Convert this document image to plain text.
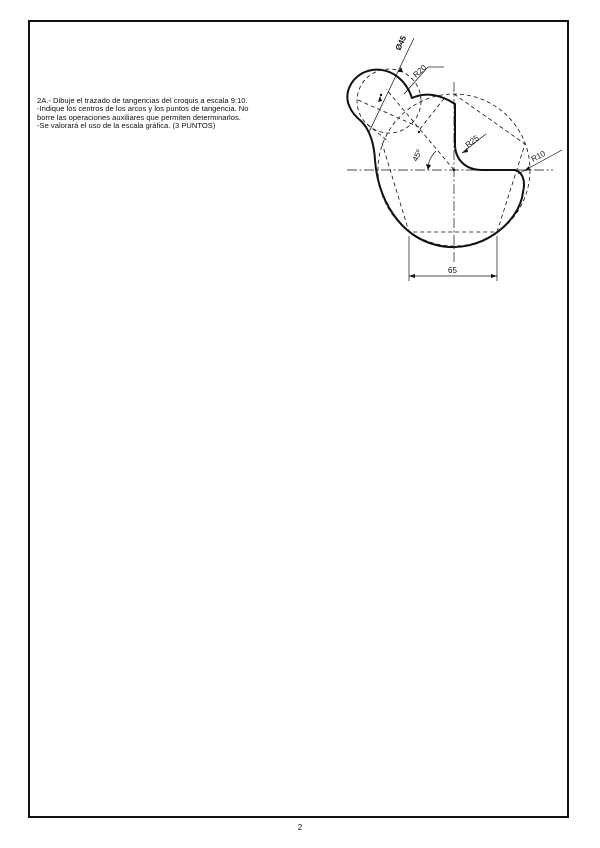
2A.- Dibuje el trazado de tangencias del croquis a escala 9:10.
-Indique los centros de los arcos y los puntos de tangencia. No
borre las operaciones auxiliares que permiten determinarlos.
-Se valorará el uso de la escala gráfica. (3 PUNTOS)
Ø45
R20
R25
R10
45º
65
2
